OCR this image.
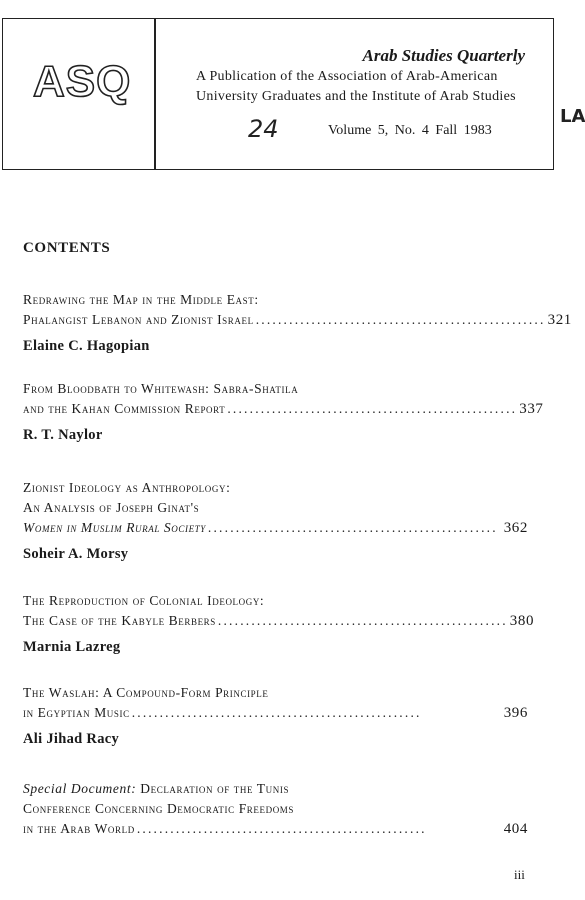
ASQ
Arab Studies Quarterly
A Publication of the Association of Arab-American
University Graduates and the Institute of Arab Studies
24	Volume 5, No. 4 Fall 1983
LA
CONTENTS
Redrawing the Map in the Middle East:
Phalangist Lebanon and Zionist Israel .................................................... 321
Elaine C. Hagopian
From Bloodbath to Whitewash: Sabra-Shatila
and the Kahan Commission Report .................................................... 337
R. T. Naylor
Zionist Ideology as Anthropology:
An Analysis of Joseph Ginat's
Women in Muslim Rural Society .................................................... 362
Soheir A. Morsy
The Reproduction of Colonial Ideology:
The Case of the Kabyle Berbers .................................................... 380
Marnia Lazreg
The Waslah: A Compound-Form Principle
in Egyptian Music ....................................................	396
Ali Jihad Racy
Special Document: Declaration of the Tunis
Conference Concerning Democratic Freedoms
in the Arab World ....................................................	404
iii
